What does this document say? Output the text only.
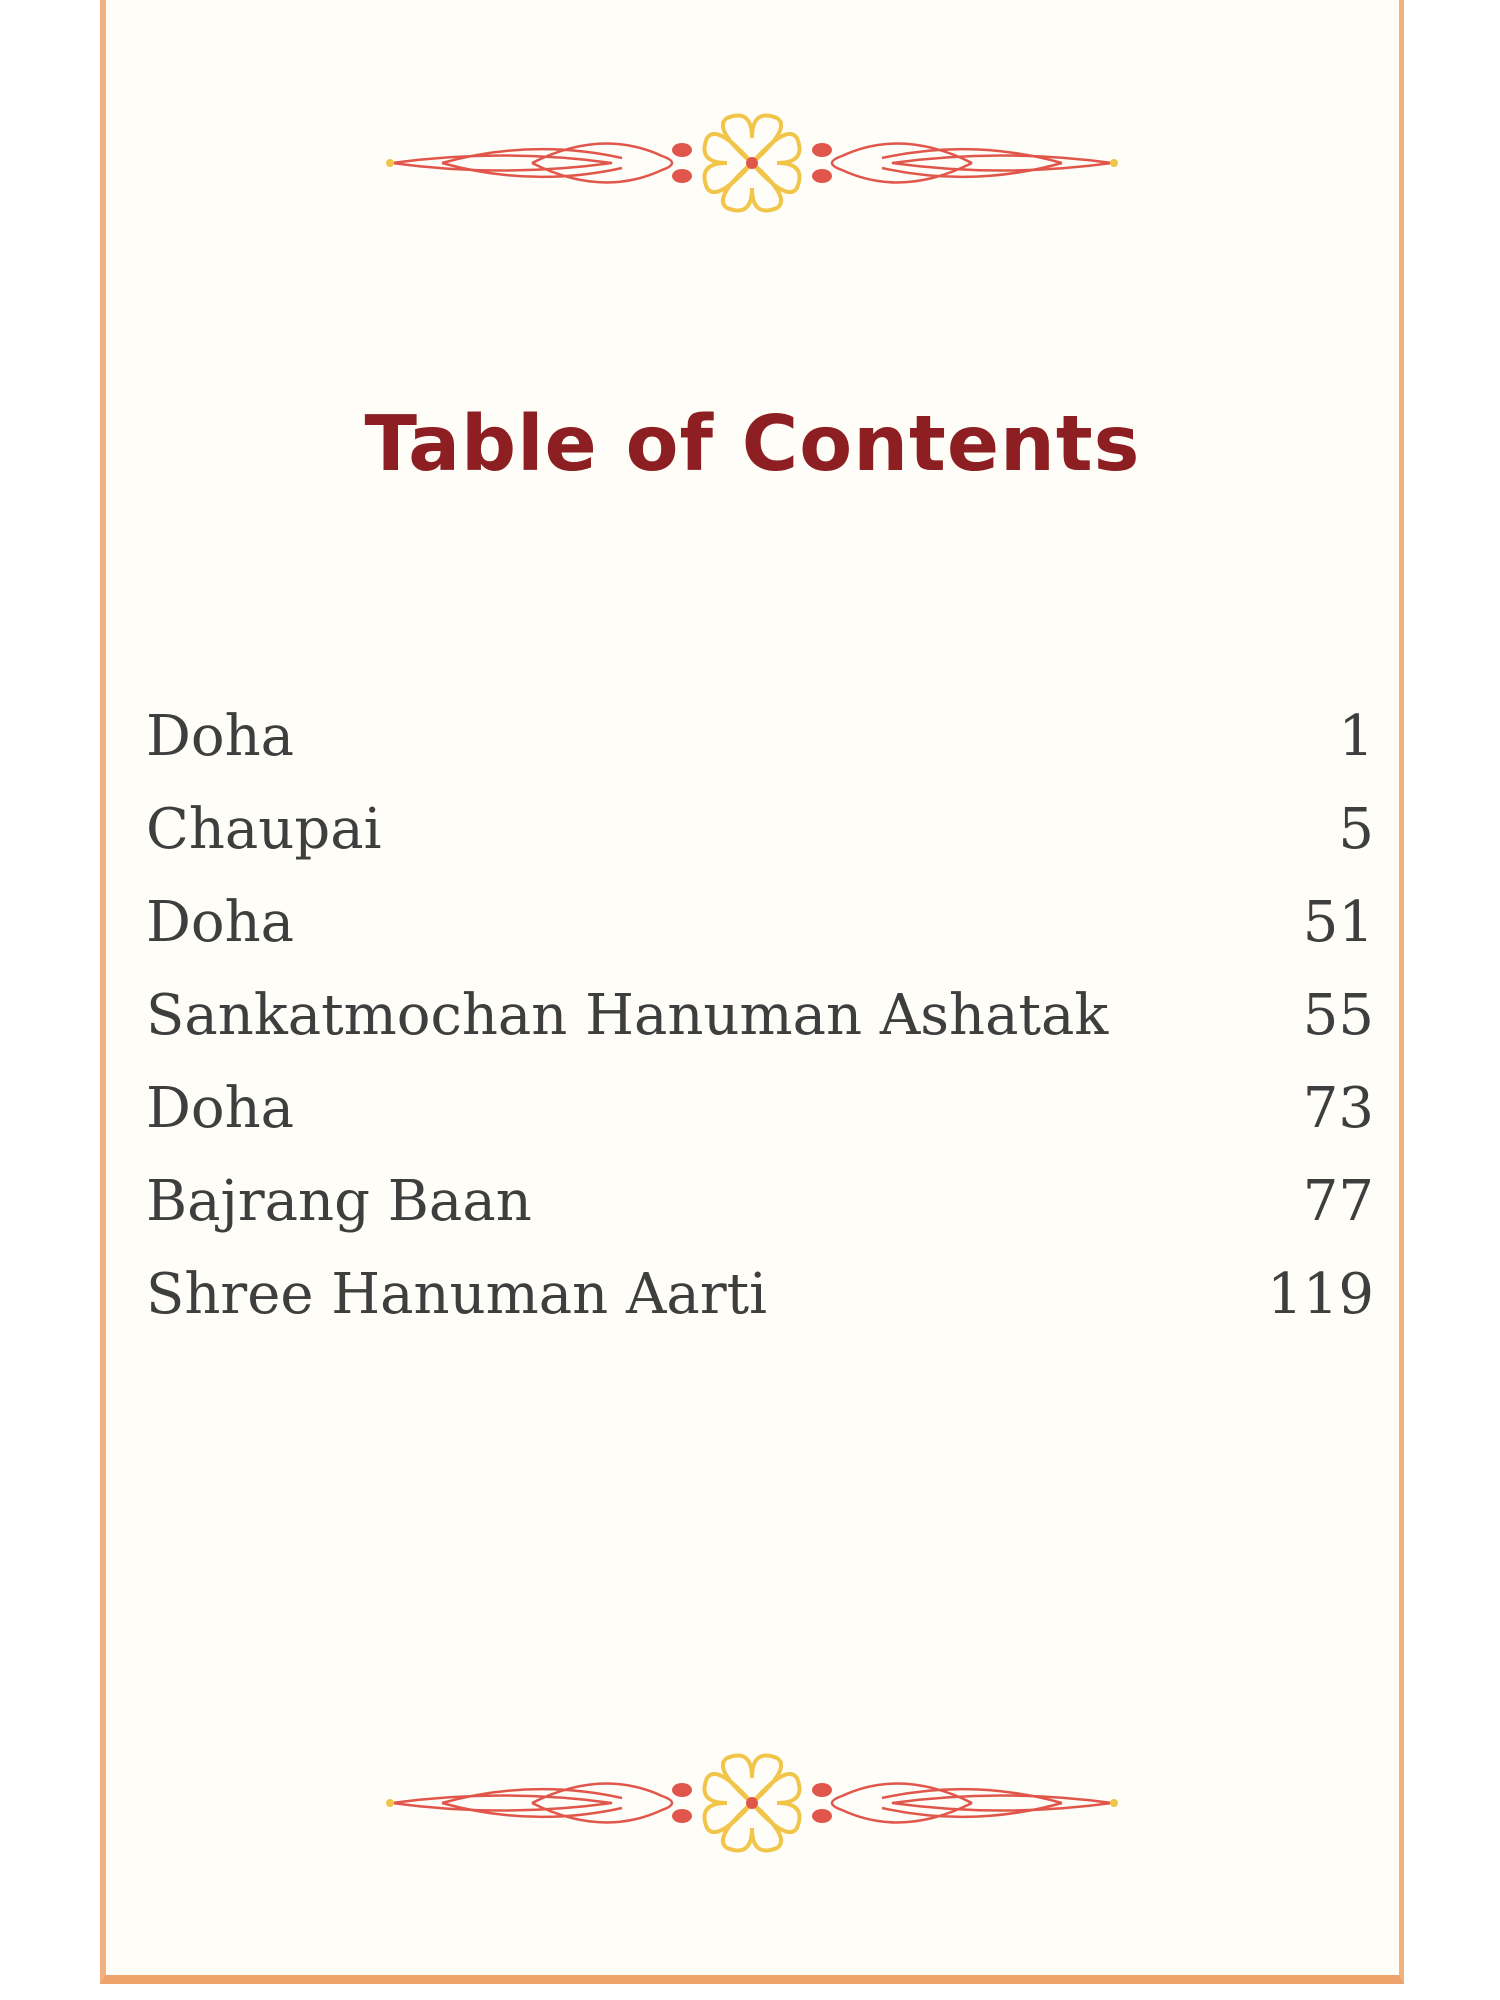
Table of Contents
Doha	1
Chaupai	5
Doha	51
Sankatmochan Hanuman Ashatak	55
Doha	73
Bajrang Baan	77
Shree Hanuman Aarti	119
